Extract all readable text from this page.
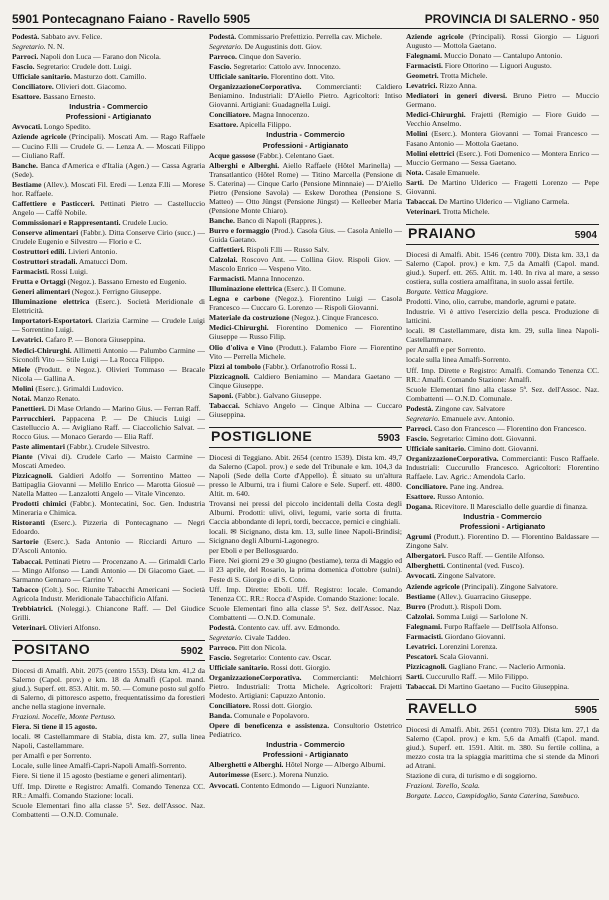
5901 Pontecagnano Faiano - Ravello 5905	PROVINCIA DI SALERNO - 950

Podestà. Sabbato avv. Felice.

Segretario. N. N.

Parroci. Napoli don Luca — Farano don Nicola.

Fascio. Segretario: Crudele dott. Luigi.

Ufficiale sanitario. Masturzo dott. Camillo.

Conciliatore. Olivieri dott. Giacomo.

Esattore. Bassano Ernesto.

Industria - Commercio

Professioni - Artigianato

Avvocati. Longo Spedito.

Aziende agricole (Principali). Moscati Am. — Rago Raffaele — Cucino F.lli — Crudele G. — Lenza A. — Moscati Filippo — Ciuliano Raff.

Banche. Banca d'America e d'Italia (Agen.) — Cassa Agraria (Sede).

Bestiame (Allev.). Moscati Fil. Eredi — Lenza F.lli — Morese hor. Raffaele.

Caffettiere e Pasticceri. Pettinati Pietro — Castelluccio Angelo — Caffè Nobile.

Commissionari e Rappresentanti. Crudele Lucio.

Conserve alimentari (Fabbr.). Ditta Conserve Cirio (succ.) — Crudele Eugenio e Silvestro — Florio e C.

Costruttori edili. Livieri Antonio.

Costruttori stradali. Amatucci Dom.

Farmacisti. Rossi Luigi.

Frutta e Ortaggi (Negoz.). Bassano Ernesto ed Eugenio.

Generi alimentari (Negoz.). Ferrigno Giuseppe.

Illuminazione elettrica (Eserc.). Società Meridionale di Elettricità.

Importatori-Esportatori. Clarizia Carmine — Crudele Luigi — Sorrentino Luigi.

Levatrici. Cafaro P. — Bonora Giuseppina.

Medici-Chirurghi. Allimetti Antonio — Palumbo Carmine — Siconolfi Vito — Stile Luigi — La Rocca Filippo.

Miele (Produtt. e Negoz.). Olivieri Tommaso — Bracale Nicola — Gallina A.

Molini (Eserc.). Grimaldi Ludovico.

Notai. Manzo Renato.

Panettieri. Di Mase Orlando — Marino Gius. — Ferran Raff.

Parrucchieri. Pappacena P. — De Chiucis Luigi — Castelluccio A. — Avigliano Raff. — Ciaccolichio Salvat. — Rocco Gius. — Monaco Gerardo — Elia Raff.

Paste alimentari (Fabbr.). Crudele Silvestro.

Piante (Vivai di). Crudele Carlo — Maisto Carmine — Moscati Amedeo.

Pizzicagnoli. Galdieri Adolfo — Sorrentino Matteo — Battipaglia Giovanni — Melillo Enrico — Marotta Giosuè — Natella Matteo — Lanzalotti Angelo — Vitale Vincenzo.

Prodotti chimici (Fabbr.). Montecatini, Soc. Gen. Industria Mineraria e Chimica.

Ristoranti (Eserc.). Pizzeria di Pontecagnano — Negri Edoardo.

Sartorie (Eserc.). Sada Antonio — Ricciardi Arturo — D'Ascoli Antonio.

Tabaccai. Pettinati Pietro — Procenzano A. — Grimaldi Carlo — Mingo Alfonso — Landi Antonio — Di Giacomo Gaet. — Sarmanno Gennaro — Carrino V.

Tabacco (Colt.). Soc. Riunite Tabacchi Americani — Società Agricola Industr. Meridionale Tabacchificio Alfani.

Trebbiatrici. (Noleggi.). Chiancone Raff. — Del Giudice Grilli.

Veterinari. Olivieri Alfonso.

POSITANO	5902

Diocesi di Amalfi. Abit. 2075 (centro 1553). Dista km. 41,2 da Salerno (Capol. prov.) e km. 18 da Amalfi (Capol. mand. giud.). Superf. ett. 853. Altit. m. 50. — Comune posto sul golfo di Salerno, di pittoresco aspetto, frequentatissimo da forestieri anche nella stagione invernale.

Frazioni. Nocelle, Monte Pertuso.

Fiera. Si tiene il 15 agosto.

locali. ✉ Castellammare di Stabia, dista km. 27, sulla linea Napoli, Castellammare.

per Amalfi e per Sorrento.

Locale, sulle linee Amalfi-Capri-Napoli Amalfi-Sorrento.

Fiere. Si tiene il 15 agosto (bestiame e generi alimentari).

Uff. Imp. Dirette e Registro: Amalfi. Comando Tenenza CC. RR.: Amalfi. Comando Stazione: locali.

Scuole Elementari fino alla classe 5ª. Sez. dell'Assoc. Naz. Combattenti — O.N.D. Comunale.

Podestà. Commissario Prefettizio. Perrella cav. Michele.

Segretario. De Augustinis dott. Giov.

Parroco. Cinque don Saverio.

Fascio. Segretario: Cattolo avv. Innocenzo.

Ufficiale sanitario. Florentino dott. Vito.

OrganizzazioneCorporativa. Commercianti: Caldiero Beniamino. Industriali: D'Aiello Pietro. Agricoltori: Intiso Giovanni. Artigiani: Guadagnella Luigi.

Conciliatore. Magna Innocenzo.

Esattore. Apicella Filippo.

Industria - Commercio

Professioni - Artigianato

Acque gassose (Fabbr.). Celentano Gaet.

Alberghi e Alberghi. Aiello Raffaele (Hôtel Marinella) — Transatlantico (Hôtel Rome) — Titino Marcella (Pensione di S. Caterina) — Cinque Carlo (Pensione Minnnaie) — D'Aiello Pietro (Pensione Savola) — Eskew Dorothea (Pensione S. Matteo) — Otto Jüngst (Pensione Jüngst) — Kelleeber Maria (Pensione Monte Chiaro).

Banche. Banco di Napoli (Rappres.).

Burro e formaggio (Prod.). Casola Gius. — Casola Aniello — Guida Gaetano.

Caffettieri. Rispoli F.lli — Russo Salv.

Calzolai. Roscovo Ant. — Collina Giov. Rispoli Giov. — Mascolo Enrico — Vespeno Vito.

Farmacisti. Manna Innocenzo.

Illuminazione elettrica (Eserc.). Il Comune.

Legna e carbone (Negoz.). Fiorentino Luigi — Casola Francesco — Cuccaro G. Lorenzo — Rispoli Giovanni.

Materiale da costruzione (Negoz.). Cinque Francesco.

Medici-Chirurghi. Fiorentino Domenico — Fiorentino Giuseppe — Russo Filip.

Olio d'oliva e Vino (Produtt.). Falambo Fiore — Fiorentino Vito — Perrella Michele.

Pizzi al tombolo (Fabbr.). Orfanotrofio Rossi L.

Pizzicagnoli. Caldiero Beniamino — Mandara Gaetano — Cinque Giuseppe.

Saponi. (Fabbr.). Galvano Giuseppe.

Tabaccai. Schiavo Angelo — Cinque Albina — Cuccaro Giuseppina.

POSTIGLIONE	5903

Diocesi di Teggiano. Abit. 2654 (centro 1539). Dista km. 49,7 da Salerno (Capol. prov.) e sede del Tribunale e km. 104,3 da Napoli (Sede della Corte d'Appello). È situato su un'altura presso le Alburni, tra i fiumi Calore e Sele. Superf. ett. 4800. Altit. m. 640.

Trovansi nei pressi del piccolo incidentali della Costa degli Alburni. Prodotti: ulivi, olivi, legumi, varie sorta di frutta. Caccia abbondante di lepri, tordi, beccacce, pernici e cinghiali.

locali. ✉ Sicignano, dista km. 13, sulle linee Napoli-Brindisi; Sicignano degli Alburni-Lagonegro.

per Eboli e per Bellosguardo.

Fiere. Nei giorni 29 e 30 giugno (bestiame), terza di Maggio ed il 23 aprile, del Rosario, la prima domenica d'ottobre (sulni). Feste di S. Giorgio e di S. Cono.

Uff. Imp. Dirette: Eboli. Uff. Registro: locale. Comando Tenenza CC. RR.: Rocca d'Aspide. Comando Stazione: locale.

Scuole Elementari fino alla classe 5ª. Sez. dell'Assoc. Naz. Combattenti — O.N.D. Comunale.

Podestà. Contento cav. uff. avv. Edmondo.

Segretario. Civale Taddeo.

Parroco. Pitt don Nicola.

Fascio. Segretario: Contento cav. Oscar.

Ufficiale sanitario. Rossi dott. Giorgio.

OrganizzazioneCorporativa. Commercianti: Melchiorri Pietro. Industriali: Trotta Michele. Agricoltori: Frajetti Modesto. Artigiani: Capuzzo Antonio.

Conciliatore. Rossi dott. Giorgio.

Banda. Comunale e Popolavoro.

Opere di beneficenza e assistenza. Consultorio Ostetrico Pediatrico.

Industria - Commercio

Professioni - Artigianato

Alberghetti e Alberghi. Hôtel Norge — Albergo Alburni.

Autorimesse (Eserc.). Morena Nunzio.

Avvocati. Contento Edmondo — Liguori Nunziante.

Aziende agricole (Principali). Rossi Giorgio — Liguori Augusto — Mottola Gaetano.

Falegnami. Muccio Donato — Cantalupo Antonio.

Farmacisti. Fiore Ottorino — Liguori Augusto.

Geometri. Trotta Michele.

Levatrici. Rizzo Anna.

Mediatori in generi diversi. Bruno Pietro — Muccio Germano.

Medici-Chirurghi. Frajetti (Remigio — Fiore Guido — Vecchio Anselmo.

Molini (Eserc.). Montera Giovanni — Tomai Francesco — Fasano Antonio — Mottola Gaetano.

Molini elettrici (Eserc.). Foti Domenico — Montera Enrico — Muccio Germano — Sessa Gaetano.

Nota. Casale Emanuele.

Sarti. De Martino Ulderico — Fragetti Lorenzo — Pepe Giovanni.

Tabaccai. De Martino Ulderico — Vigliano Carmela.

Veterinari. Trotta Michele.

PRAIANO	5904

Diocesi di Amalfi. Abit. 1546 (centro 700). Dista km. 33,1 da Salerno (Capol. prov.) e km. 7,5 da Amalfi (Capol. mand. giud.). Superf. ett. 265. Altit. m. 140. In riva al mare, a sesso costiera, sulla costiera amalfitana, in suolo assai fertile.

Borgate. Vettica Maggiore.

Prodotti. Vino, olio, carrube, mandorle, agrumi e patate.

Industrie. Vi è attivo l'esercizio della pesca. Produzione di latticini.

locali. ✉ Castellammare, dista km. 29, sulla linea Napoli-Castellammare.

per Amalfi e per Sorrento.

locale sulla linea Amalfi-Sorrento.

Uff. Imp. Dirette e Registro: Amalfi. Comando Tenenza CC. RR.: Amalfi. Comando Stazione: Amalfi.

Scuole Elementari fino alla classe 5ª. Sez. dell'Assoc. Naz. Combattenti — O.N.D. Comunale.

Podestà. Zingone cav. Salvatore

Segretario. Emanuele avv. Antonio.

Parroci. Caso don Francesco — Florentino don Francesco.

Fascio. Segretario: Cimino dott. Giovanni.

Ufficiale sanitario. Cimino dott. Giovanni.

OrganizzazioneCorporativa. Commercianti: Fusco Raffaele. Industriali: Cuccurullo Francesco. Agricoltori: Florentino Raffaele. Lav. Agric.: Amendola Carlo.

Conciliatore. Pane ing. Andrea.

Esattore. Russo Antonio.

Dogana. Ricevitore. Il Maresciallo delle guardie di finanza.

Industria - Commercio

Professioni - Artigianato

Agrumi (Produtt.). Fiorentino D. — Florentino Baldassare — Zingone Salv.

Albergatori. Fusco Raff. — Gentile Alfonso.

Alberghetti. Continental (ved. Fusco).

Avvocati. Zingone Salvatore.

Aziende agricole (Principali). Zingone Salvatore.

Bestiame (Allev.). Guarracino Giuseppe.

Burro (Produtt.). Rispoli Dom.

Calzolai. Somma Luigi — Sarlolone N.

Falegnami. Furpo Raffaele — Dell'Isola Alfonso.

Farmacisti. Giordano Giovanni.

Levatrici. Lorenzini Lorenza.

Pescatori. Scala Giovanni.

Pizzicagnoli. Gagliano Franc. — Naclerio Armonia.

Sarti. Cuccurullo Raff. — Milo Filippo.

Tabaccai. Di Martino Gaetano — Fucito Giuseppina.

RAVELLO	5905

Diocesi di Amalfi. Abit. 2651 (centro 703). Dista km. 27,1 da Salerno (Capol. prov.) e km. 5,6 da Amalfi (Capol. mand. giud.). Superf. ett. 1591. Altit. m. 380. Su fertile collina, a mezzo costa tra la spiaggia marittima che si stende da Minori ad Atrani.

Stazione di cura, di turismo e di soggiorno.

Frazioni. Torello, Scala.

Borgate. Lacco, Campidoglio, Santa Caterina, Sambuco.
